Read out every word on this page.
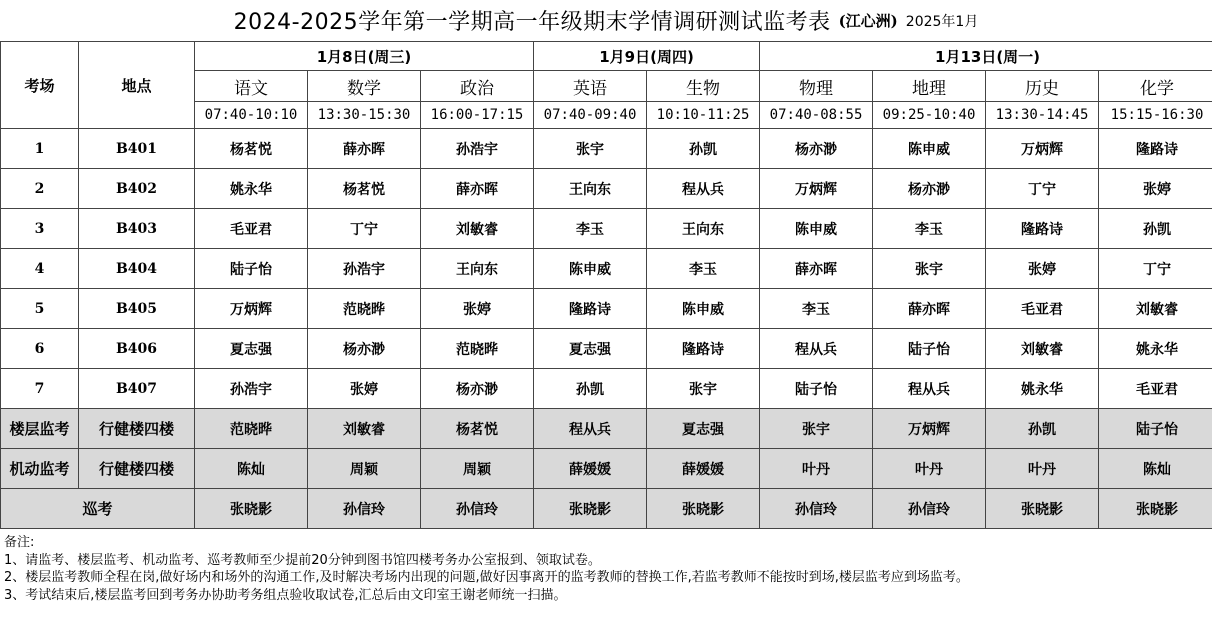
2024-2025学年第一学期高一年级期末学情调研测试监考表 (江心洲) 2025年1月
考场	地点	1月8日(周三)			1月9日(周四)		1月13日(周一)			
		语文	数学	政治	英语	生物	物理	地理	历史	化学
		07:40-10:10	13:30-15:30	16:00-17:15	07:40-09:40	10:10-11:25	07:40-08:55	09:25-10:40	13:30-14:45	15:15-16:30
1	B401	杨茗悦	薛亦晖	孙浩宇	张宇	孙凯	杨亦渺	陈申威	万炳辉	隆路诗
2	B402	姚永华	杨茗悦	薛亦晖	王向东	程从兵	万炳辉	杨亦渺	丁宁	张婷
3	B403	毛亚君	丁宁	刘敏睿	李玉	王向东	陈申威	李玉	隆路诗	孙凯
4	B404	陆子怡	孙浩宇	王向东	陈申威	李玉	薛亦晖	张宇	张婷	丁宁
5	B405	万炳辉	范晓晔	张婷	隆路诗	陈申威	李玉	薛亦晖	毛亚君	刘敏睿
6	B406	夏志强	杨亦渺	范晓晔	夏志强	隆路诗	程从兵	陆子怡	刘敏睿	姚永华
7	B407	孙浩宇	张婷	杨亦渺	孙凯	张宇	陆子怡	程从兵	姚永华	毛亚君
楼层监考	行健楼四楼	范晓晔	刘敏睿	杨茗悦	程从兵	夏志强	张宇	万炳辉	孙凯	陆子怡
机动监考	行健楼四楼	陈灿	周颖	周颖	薛媛媛	薛媛媛	叶丹	叶丹	叶丹	陈灿
巡考		张晓影	孙信玲	孙信玲	张晓影	张晓影	孙信玲	孙信玲	张晓影	张晓影
备注:
1、请监考、楼层监考、机动监考、巡考教师至少提前20分钟到图书馆四楼考务办公室报到、领取试卷。
2、楼层监考教师全程在岗,做好场内和场外的沟通工作,及时解决考场内出现的问题,做好因事离开的监考教师的替换工作,若监考教师不能按时到场,楼层监考应到场监考。
3、考试结束后,楼层监考回到考务办协助考务组点验收取试卷,汇总后由文印室王谢老师统一扫描。
